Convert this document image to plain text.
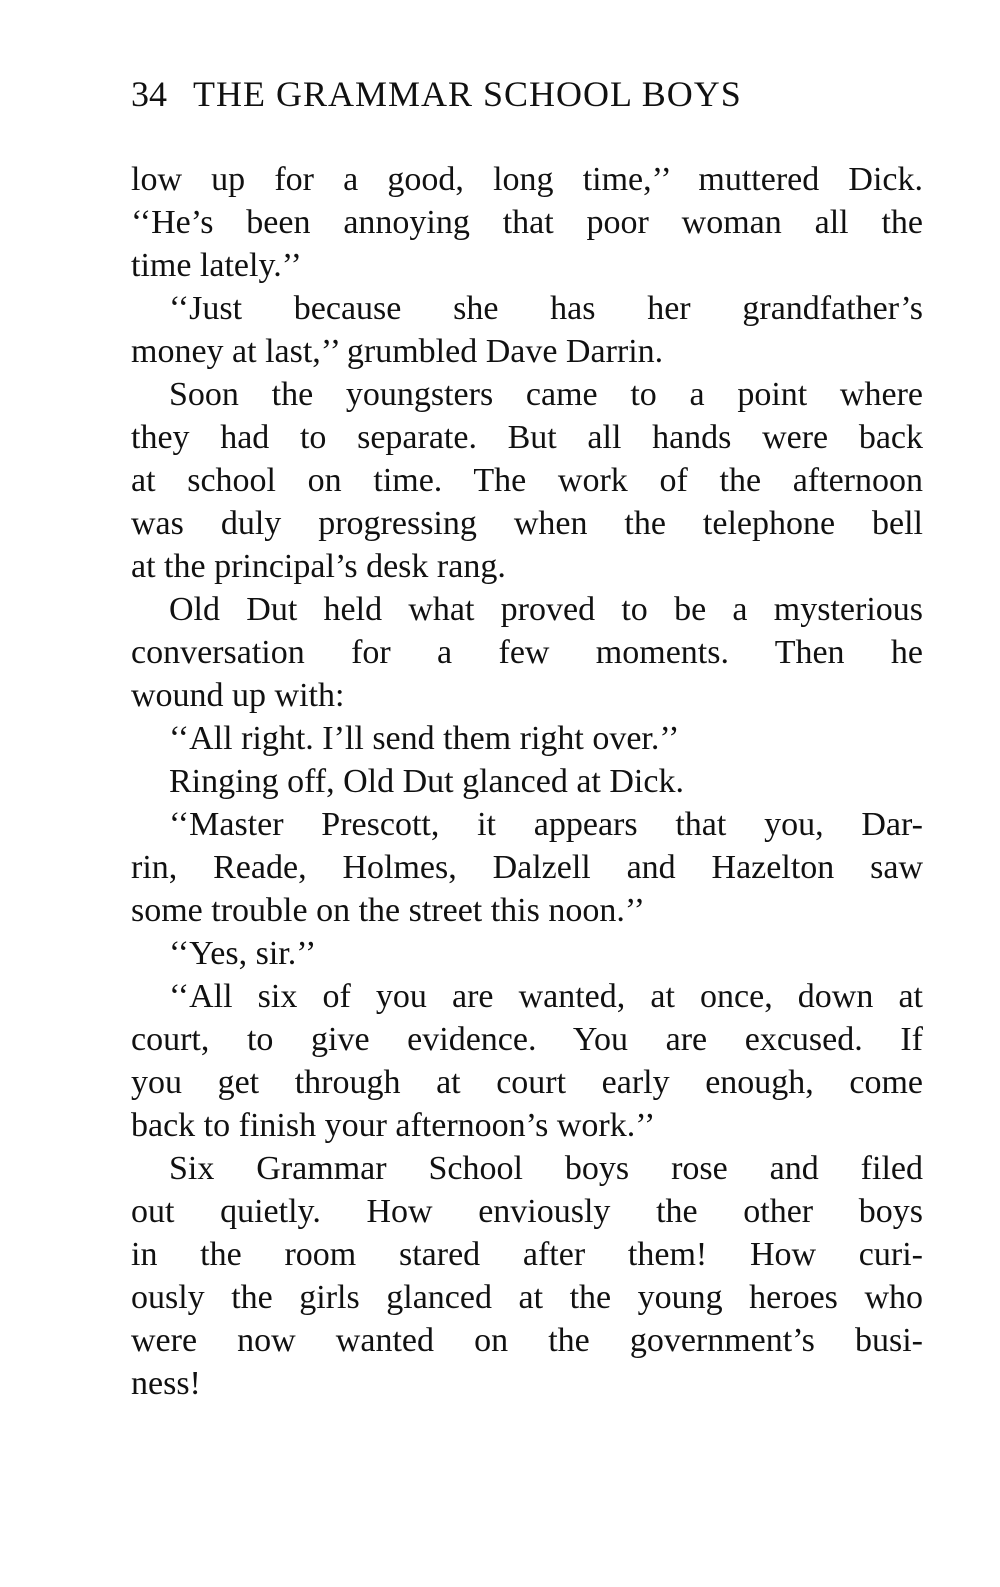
34 THE GRAMMAR SCHOOL BOYS
low up for a good, long time,’’ muttered Dick.
‘‘He’s been annoying that poor woman all the
time lately.’’
‘‘Just because she has her grandfather’s
money at last,’’ grumbled Dave Darrin.
Soon the youngsters came to a point where
they had to separate. But all hands were back
at school on time. The work of the afternoon
was duly progressing when the telephone bell
at the principal’s desk rang.
Old Dut held what proved to be a mysterious
conversation for a few moments. Then he
wound up with:
‘‘All right. I’ll send them right over.’’
Ringing off, Old Dut glanced at Dick.
‘‘Master Prescott, it appears that you, Dar-
rin, Reade, Holmes, Dalzell and Hazelton saw
some trouble on the street this noon.’’
‘‘Yes, sir.’’
‘‘All six of you are wanted, at once, down at
court, to give evidence. You are excused. If
you get through at court early enough, come
back to finish your afternoon’s work.’’
Six Grammar School boys rose and filed
out quietly. How enviously the other boys
in the room stared after them! How curi-
ously the girls glanced at the young heroes who
were now wanted on the government’s busi-
ness!
